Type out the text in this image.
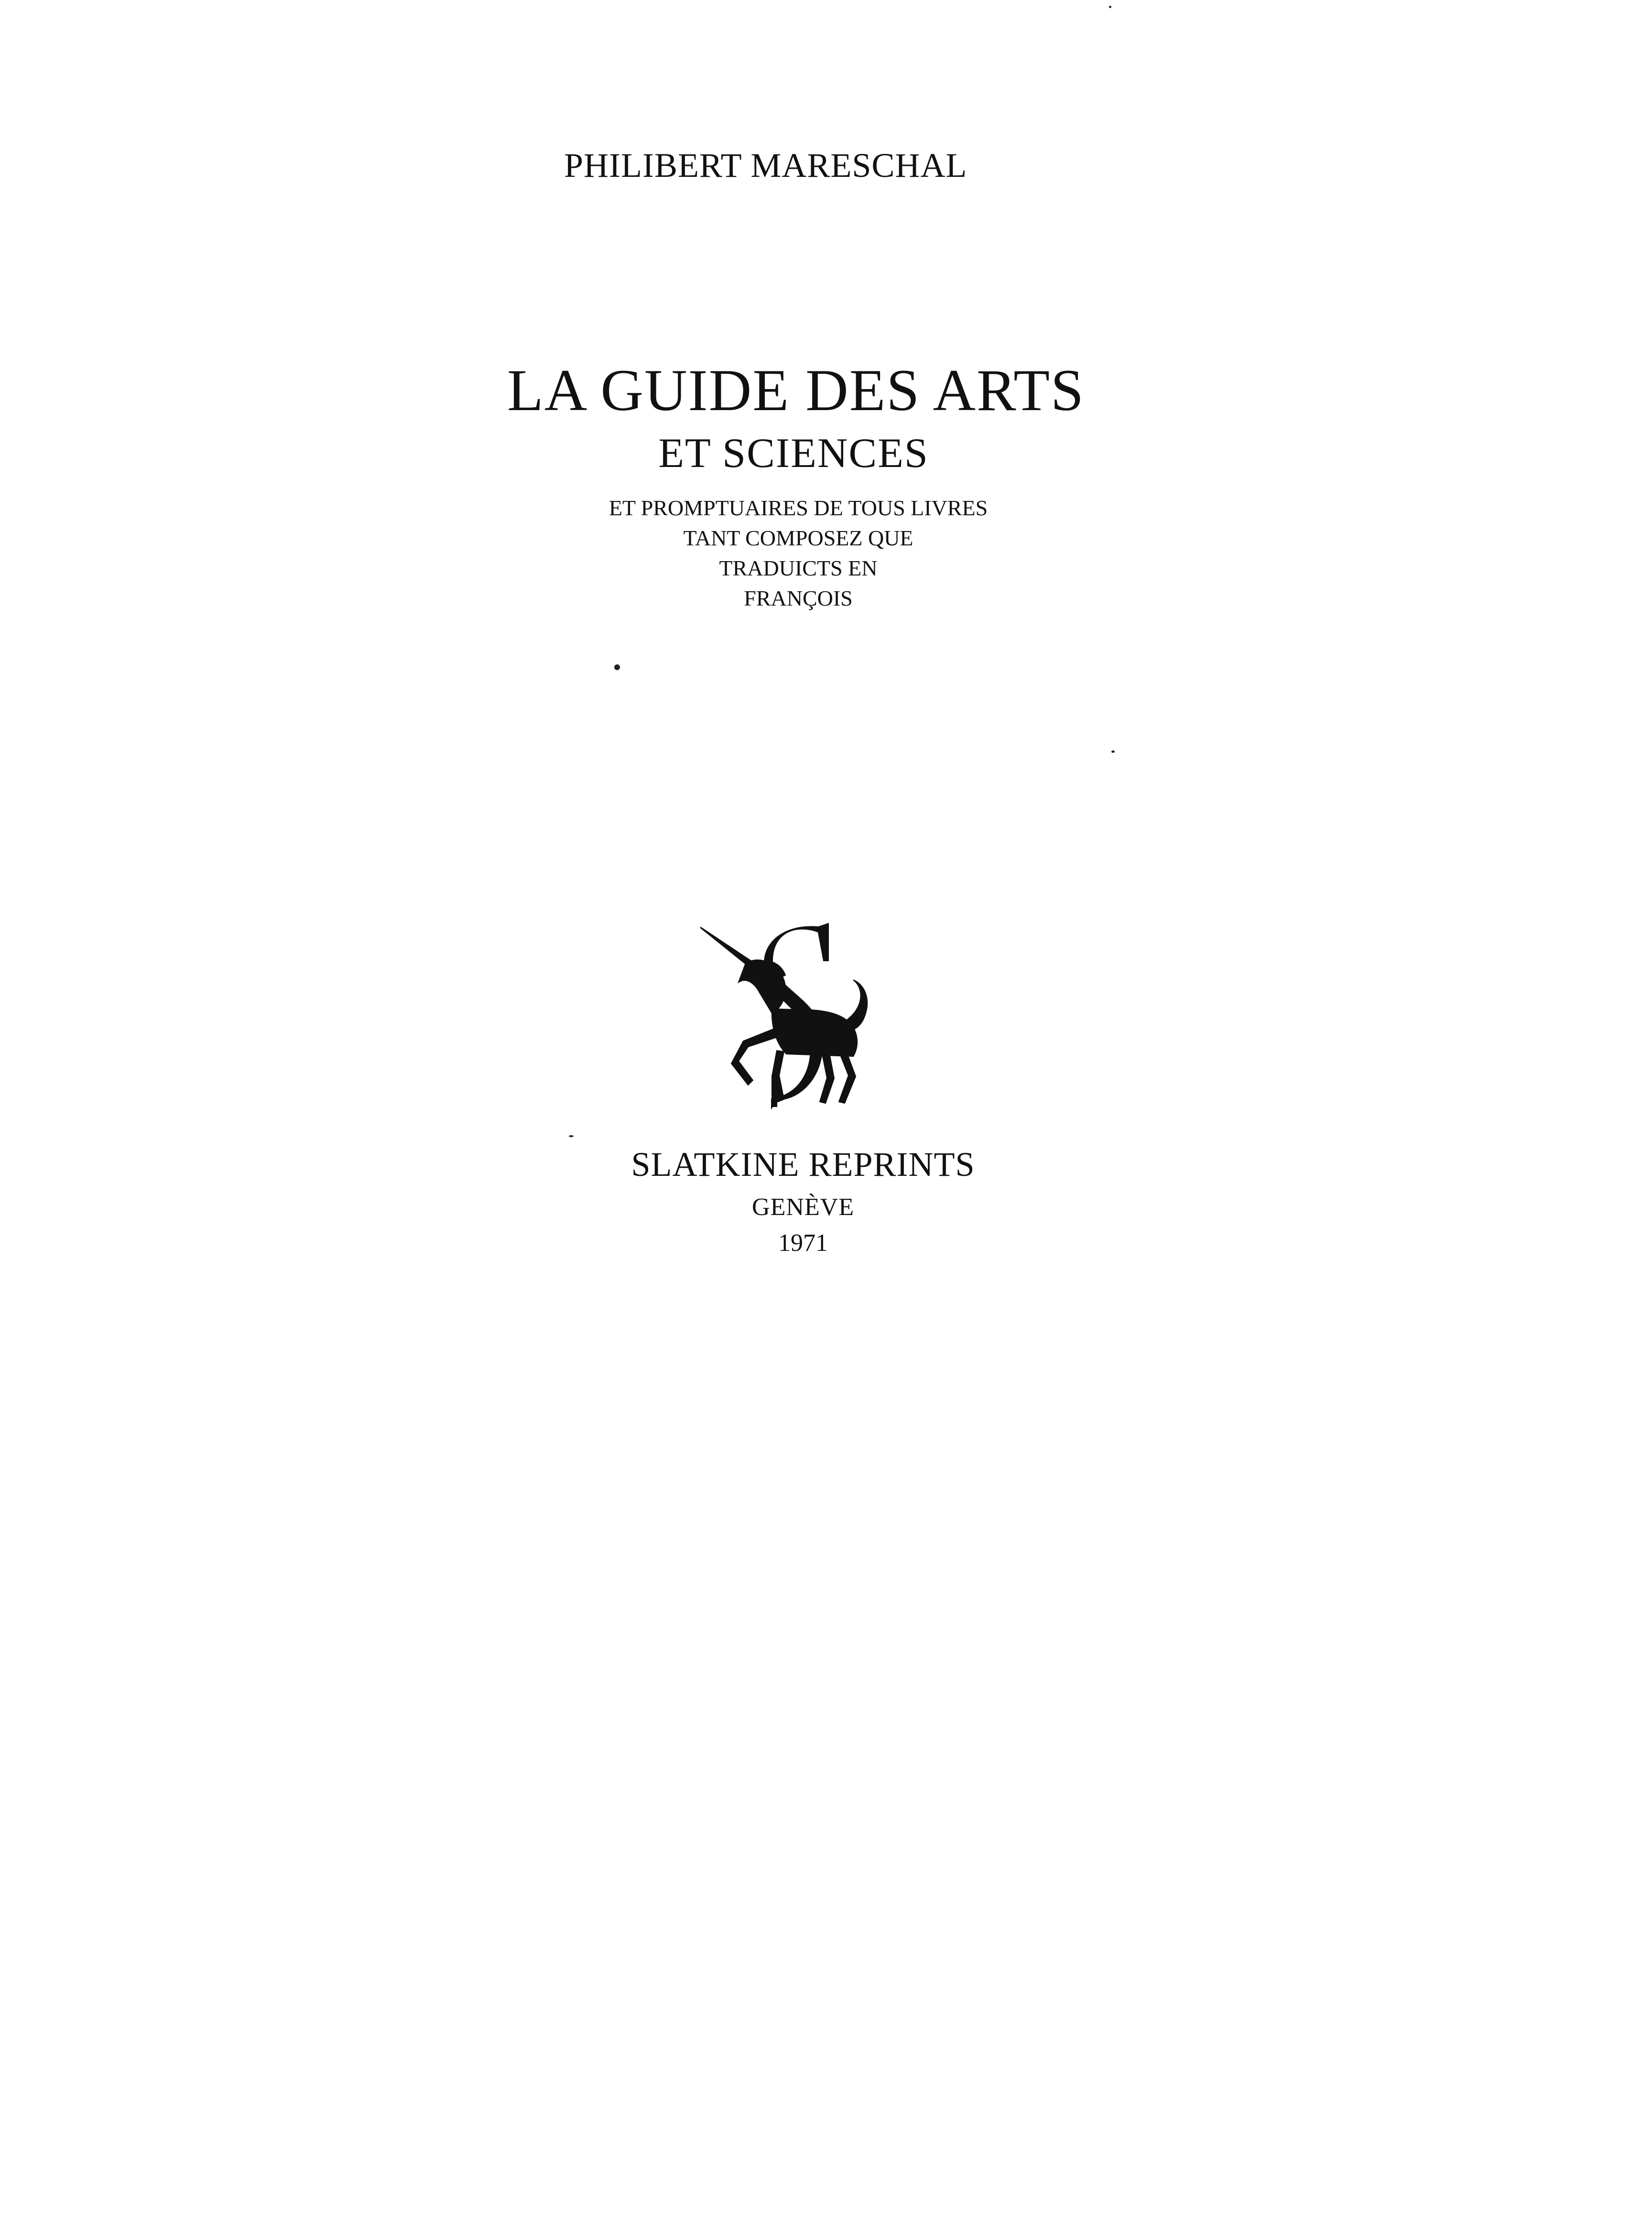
PHILIBERT MARESCHAL

LA GUIDE DES ARTS

ET SCIENCES

ET PROMPTUAIRES DE TOUS LIVRES

TANT COMPOSEZ QUE

TRADUICTS EN

FRANÇOIS

SLATKINE REPRINTS

GENÈVE

1971
